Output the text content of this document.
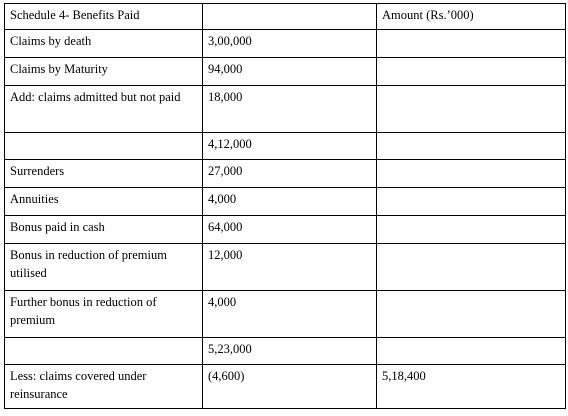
Schedule 4- Benefits Paid		Amount (Rs.’000)
Claims by death	3,00,000	
Claims by Maturity	94,000	
Add: claims admitted but not paid	18,000	
	4,12,000	
Surrenders	27,000	
Annuities	4,000	
Bonus paid in cash	64,000	
Bonus in reduction of premium utilised	12,000	
Further bonus in reduction of premium	4,000	
	5,23,000	
Less: claims covered under reinsurance	(4,600)	5,18,400
